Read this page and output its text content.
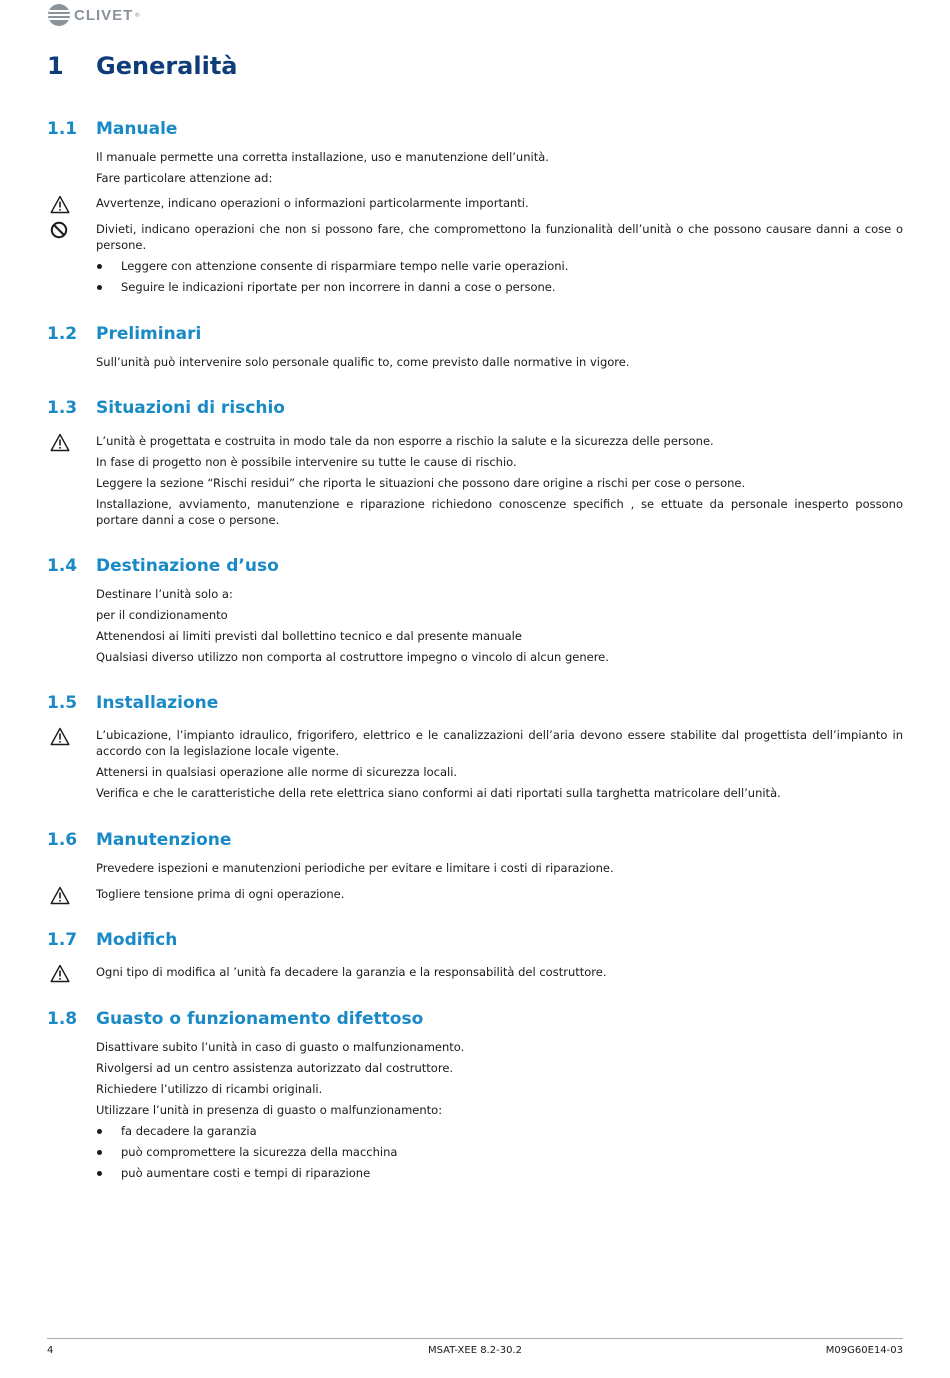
CLIVET ®
1	Generalità
1.1	Manuale
Il manuale permette una corretta installazione, uso e manutenzione dell’unità.
Fare particolare attenzione ad:
Avvertenze, indicano operazioni o informazioni particolarmente importanti.
Divieti, indicano operazioni che non si possono fare, che compromettono la funzionalità dell’unità o che possono causare danni a cose o persone.
Leggere con attenzione consente di risparmiare tempo nelle varie operazioni.
Seguire le indicazioni riportate per non incorrere in danni a cose o persone.
1.2	Preliminari
Sull’unità può intervenire solo personale qualific to, come previsto dalle normative in vigore.
1.3	Situazioni di rischio
L’unità è progettata e costruita in modo tale da non esporre a rischio la salute e la sicurezza delle persone.
In fase di progetto non è possibile intervenire su tutte le cause di rischio.
Leggere la sezione “Rischi residui” che riporta le situazioni che possono dare origine a rischi per cose o persone.
Installazione, avviamento, manutenzione e riparazione richiedono conoscenze specifich , se ettuate da personale inesperto possono portare danni a cose o persone.
1.4	Destinazione d’uso
Destinare l’unità solo a:
per il condizionamento
Attenendosi ai limiti previsti dal bollettino tecnico e dal presente manuale
Qualsiasi diverso utilizzo non comporta al costruttore impegno o vincolo di alcun genere.
1.5	Installazione
L’ubicazione, l’impianto idraulico, frigorifero, elettrico e le canalizzazioni dell’aria devono essere stabilite dal progettista dell’impianto in accordo con la legislazione locale vigente.
Attenersi in qualsiasi operazione alle norme di sicurezza locali.
Verifica e che le caratteristiche della rete elettrica siano conformi ai dati riportati sulla targhetta matricolare dell’unità.
1.6	Manutenzione
Prevedere ispezioni e manutenzioni periodiche per evitare e limitare i costi di riparazione.
Togliere tensione prima di ogni operazione.
1.7	Modifich
Ogni tipo di modifica al ’unità fa decadere la garanzia e la responsabilità del costruttore.
1.8	Guasto o funzionamento difettoso
Disattivare subito l’unità in caso di guasto o malfunzionamento.
Rivolgersi ad un centro assistenza autorizzato dal costruttore.
Richiedere l’utilizzo di ricambi originali.
Utilizzare l’unità in presenza di guasto o malfunzionamento:
fa decadere la garanzia
può compromettere la sicurezza della macchina
può aumentare costi e tempi di riparazione
4	MSAT-XEE 8.2-30.2	M09G60E14-03
